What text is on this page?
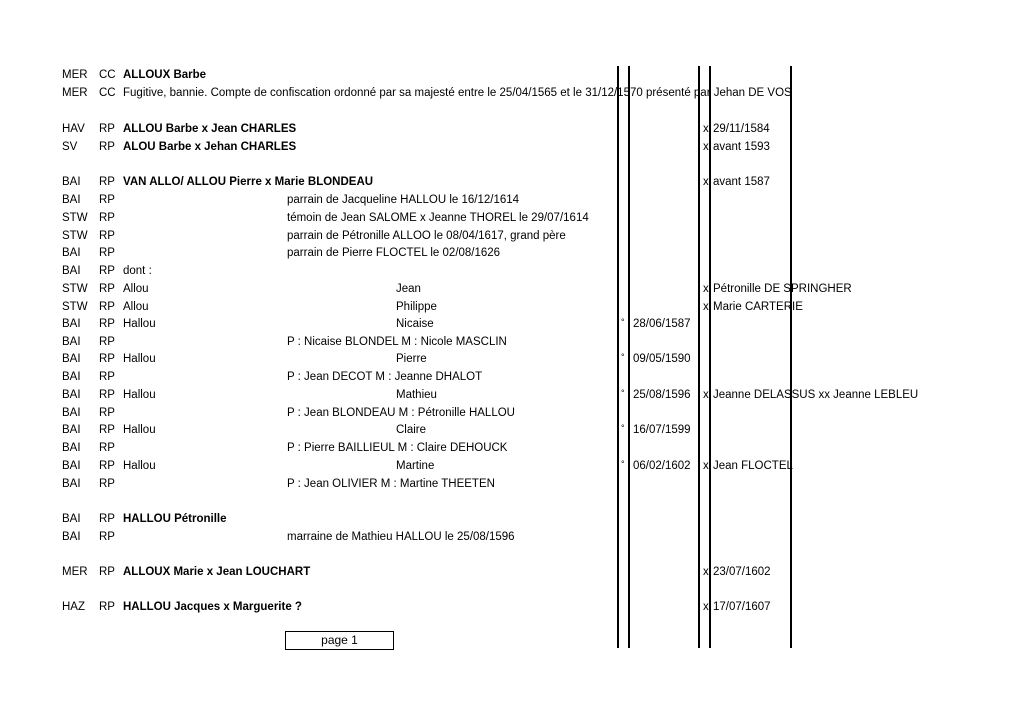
MER CC ALLOUX Barbe
MER CC Fugitive, bannie. Compte de confiscation ordonné par sa majesté entre le 25/04/1565 et le 31/12/1570 présenté par Jehan DE VOS
HAV RP ALLOU Barbe x Jean CHARLES	x 29/11/1584
SV RP ALOU Barbe x Jehan CHARLES	x avant 1593
BAI RP VAN ALLO/ ALLOU Pierre x Marie BLONDEAU	x avant 1587
BAI RP	parrain de Jacqueline HALLOU le 16/12/1614
STW RP	témoin de Jean SALOME x Jeanne THOREL le 29/07/1614
STW RP	parrain de Pétronille ALLOO le 08/04/1617, grand père
BAI RP	parrain de Pierre FLOCTEL le 02/08/1626
BAI RP dont :
STW RP Allou	Jean	x Pétronille DE SPRINGHER
STW RP Allou	Philippe	x Marie CARTERIE
BAI RP Hallou	Nicaise	° 28/06/1587
BAI RP	P : Nicaise BLONDEL M : Nicole MASCLIN
BAI RP Hallou	Pierre	° 09/05/1590
BAI RP	P : Jean DECOT M : Jeanne DHALOT
BAI RP Hallou	Mathieu	° 25/08/1596 x Jeanne DELASSUS xx Jeanne LEBLEU
BAI RP	P : Jean BLONDEAU M : Pétronille HALLOU
BAI RP Hallou	Claire	° 16/07/1599
BAI RP	P : Pierre BAILLIEUL M : Claire DEHOUCK
BAI RP Hallou	Martine	° 06/02/1602 x Jean FLOCTEL
BAI RP	P : Jean OLIVIER M : Martine THEETEN
BAI RP HALLOU Pétronille
BAI RP	marraine de Mathieu HALLOU le 25/08/1596
MER RP ALLOUX Marie x Jean LOUCHART	x 23/07/1602
HAZ RP HALLOU Jacques x Marguerite ?	x 17/07/1607
page 1
